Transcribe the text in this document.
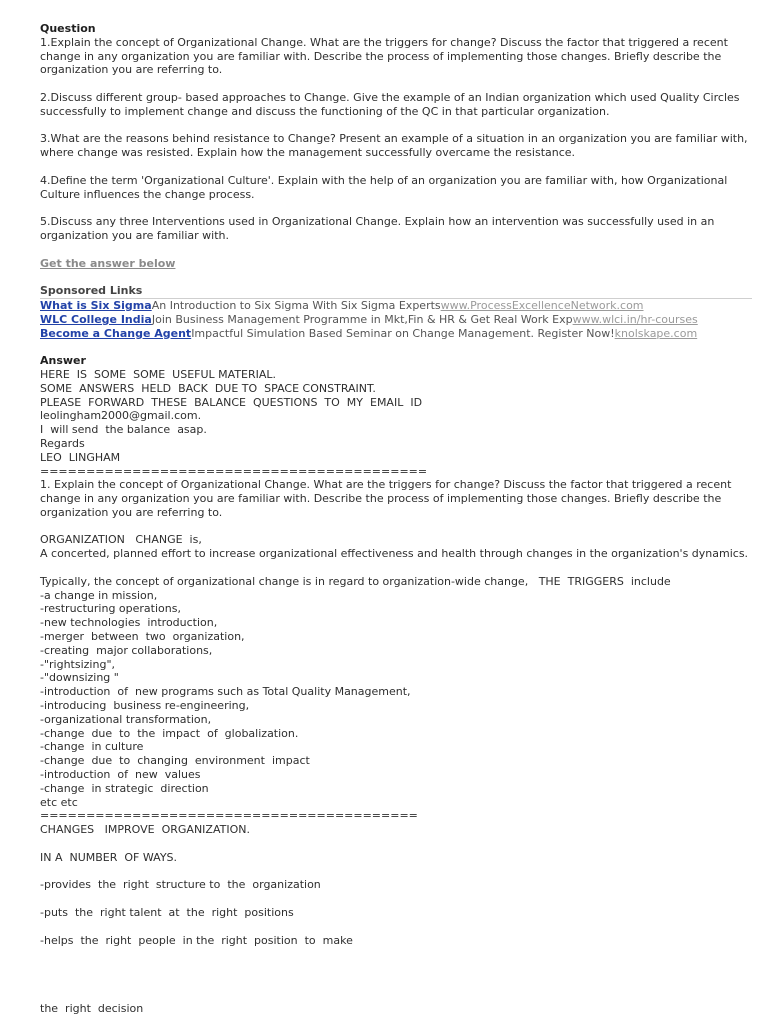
Question
1.Explain the concept of Organizational Change. What are the triggers for change? Discuss the factor that triggered a recent change in any organization you are familiar with. Describe the process of implementing those changes. Briefly describe the organization you are referring to.
2.Discuss different group- based approaches to Change. Give the example of an Indian organization which used Quality Circles successfully to implement change and discuss the functioning of the QC in that particular organization.
3.What are the reasons behind resistance to Change? Present an example of a situation in an organization you are familiar with, where change was resisted. Explain how the management successfully overcame the resistance.
4.Define the term 'Organizational Culture'. Explain with the help of an organization you are familiar with, how Organizational Culture influences the change process.
5.Discuss any three Interventions used in Organizational Change. Explain how an intervention was successfully used in an organization you are familiar with.
Get the answer below
Sponsored Links
What is Six SigmaAn Introduction to Six Sigma With Six Sigma Expertswww.ProcessExcellenceNetwork.com
WLC College IndiaJoin Business Management Programme in Mkt,Fin & HR & Get Real Work Expwww.wlci.in/hr-courses
Become a Change AgentImpactful Simulation Based Seminar on Change Management. Register Now!knolskape.com
Answer
HERE  IS  SOME  SOME  USEFUL MATERIAL.
SOME  ANSWERS  HELD  BACK  DUE TO  SPACE CONSTRAINT.
PLEASE  FORWARD  THESE  BALANCE  QUESTIONS  TO  MY  EMAIL  ID
leolingham2000@gmail.com.
I  will send  the balance  asap.
Regards
LEO  LINGHAM
==========================================
1. Explain the concept of Organizational Change. What are the triggers for change? Discuss the factor that triggered a recent change in any organization you are familiar with. Describe the process of implementing those changes. Briefly describe the organization you are referring to.
ORGANIZATION   CHANGE  is,
A concerted, planned effort to increase organizational effectiveness and health through changes in the organization's dynamics.
Typically, the concept of organizational change is in regard to organization-wide change,   THE  TRIGGERS  include
-a change in mission,
-restructuring operations,
-new technologies  introduction,
-merger  between  two  organization,
-creating  major collaborations,
-"rightsizing",
-"downsizing "
-introduction  of  new programs such as Total Quality Management,
-introducing  business re-engineering,
-organizational transformation,
-change  due  to  the  impact  of  globalization.
-change  in culture
-change  due  to  changing  environment  impact
-introduction  of  new  values
-change  in strategic  direction
etc etc
=========================================
CHANGES   IMPROVE  ORGANIZATION.
IN A  NUMBER  OF WAYS.
-provides  the  right  structure to  the  organization
-puts  the  right talent  at  the  right  positions
-helps  the  right  people  in the  right  position  to  make
the  right  decision
